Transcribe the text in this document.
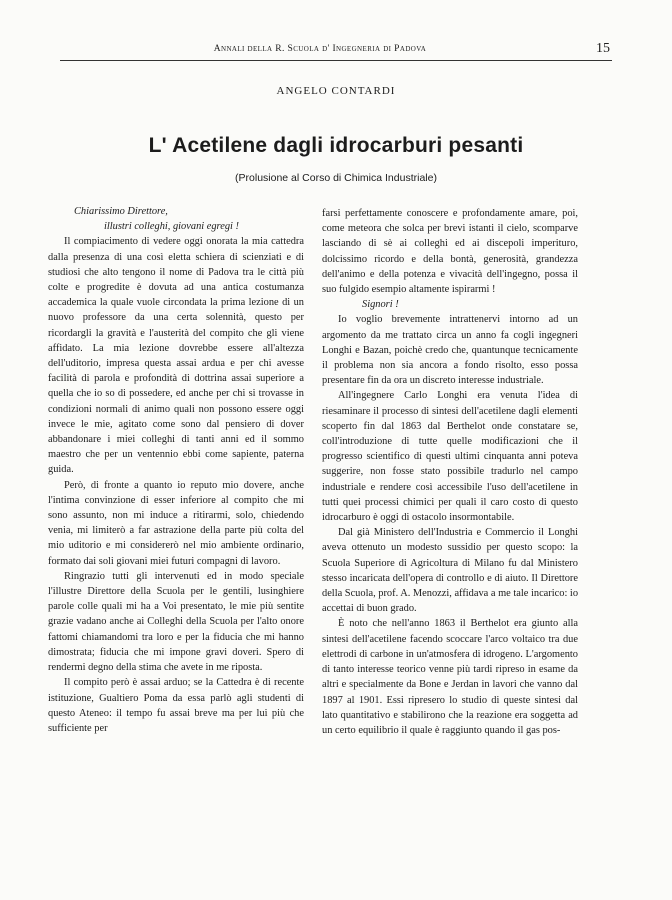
Annali della R. Scuola d' Ingegneria di Padova	15
ANGELO CONTARDI
L' Acetilene dagli idrocarburi pesanti
(Prolusione al Corso di Chimica Industriale)

Chiarissimo Direttore,

illustri colleghi, giovani egregi !

Il compiacimento di vedere oggi onorata la mia cattedra dalla presenza di una così eletta schiera di scienziati e di studiosi che alto tengono il nome di Padova tra le città più colte e progredite è dovuta ad una antica costumanza accademica la quale vuole circondata la prima lezione di un nuovo professore da una certa solennità, questo per ricordargli la gravità e l'austerità del compito che gli viene affidato. La mia lezione dovrebbe essere all'altezza dell'uditorio, impresa questa assai ardua e per chi avesse facilità di parola e profondità di dottrina assai superiore a quella che io so di possedere, ed anche per chi si trovasse in condizioni normali di animo quali non possono essere oggi invece le mie, agitato come sono dal pensiero di dover abbandonare i miei colleghi di tanti anni ed il sommo maestro che per un ventennio ebbi come sapiente, paterna guida.

Però, di fronte a quanto io reputo mio dovere, anche l'intima convinzione di esser inferiore al compito che mi sono assunto, non mi induce a ritirarmi, solo, chiedendo venia, mi limiterò a far astrazione della parte più colta del mio uditorio e mi considererò nel mio ambiente ordinario, formato dai soli giovani miei futuri compagni di lavoro.

Ringrazio tutti gli intervenuti ed in modo speciale l'illustre Direttore della Scuola per le gentili, lusinghiere parole colle quali mi ha a Voi presentato, le mie più sentite grazie vadano anche ai Colleghi della Scuola per l'alto onore fattomi chiamandomi tra loro e per la fiducia che mi hanno dimostrata; fiducia che mi impone gravi doveri. Spero di rendermi degno della stima che avete in me riposta.

Il compito però è assai arduo; se la Cattedra è di recente istituzione, Gualtiero Poma da essa parlò agli studenti di questo Ateneo: il tempo fu assai breve ma per lui più che sufficiente per

farsi perfettamente conoscere e profondamente amare, poi, come meteora che solca per brevi istanti il cielo, scomparve lasciando di sè ai colleghi ed ai discepoli imperituro, dolcissimo ricordo e della bontà, generosità, grandezza dell'animo e della potenza e vivacità dell'ingegno, possa il suo fulgido esempio altamente ispirarmi !

Signori !

Io voglio brevemente intrattenervi intorno ad un argomento da me trattato circa un anno fa cogli ingegneri Longhi e Bazan, poichè credo che, quantunque tecnicamente il problema non sia ancora a fondo risolto, esso possa presentare fin da ora un discreto interesse industriale.

All'ingegnere Carlo Longhi era venuta l'idea di riesaminare il processo di sintesi dell'acetilene dagli elementi scoperto fin dal 1863 dal Berthelot onde constatare se, coll'introduzione di tutte quelle modificazioni che il progresso scientifico di questi ultimi cinquanta anni poteva suggerire, non fosse stato possibile tradurlo nel campo industriale e rendere così accessibile l'uso dell'acetilene in tutti quei processi chimici per quali il caro costo di questo idrocarburo è oggi di ostacolo insormontabile.

Dal già Ministero dell'Industria e Commercio il Longhi aveva ottenuto un modesto sussidio per questo scopo: la Scuola Superiore di Agricoltura di Milano fu dal Ministero stesso incaricata dell'opera di controllo e di aiuto. Il Direttore della Scuola, prof. A. Menozzi, affidava a me tale incarico: io accettai di buon grado.

È noto che nell'anno 1863 il Berthelot era giunto alla sintesi dell'acetilene facendo scoccare l'arco voltaico tra due elettrodi di carbone in un'atmosfera di idrogeno. L'argomento di tanto interesse teorico venne più tardi ripreso in esame da altri e specialmente da Bone e Jerdan in lavori che vanno dal 1897 al 1901. Essi ripresero lo studio di queste sintesi dal lato quantitativo e stabilirono che la reazione era soggetta ad un certo equilibrio il quale è raggiunto quando il gas pos-
